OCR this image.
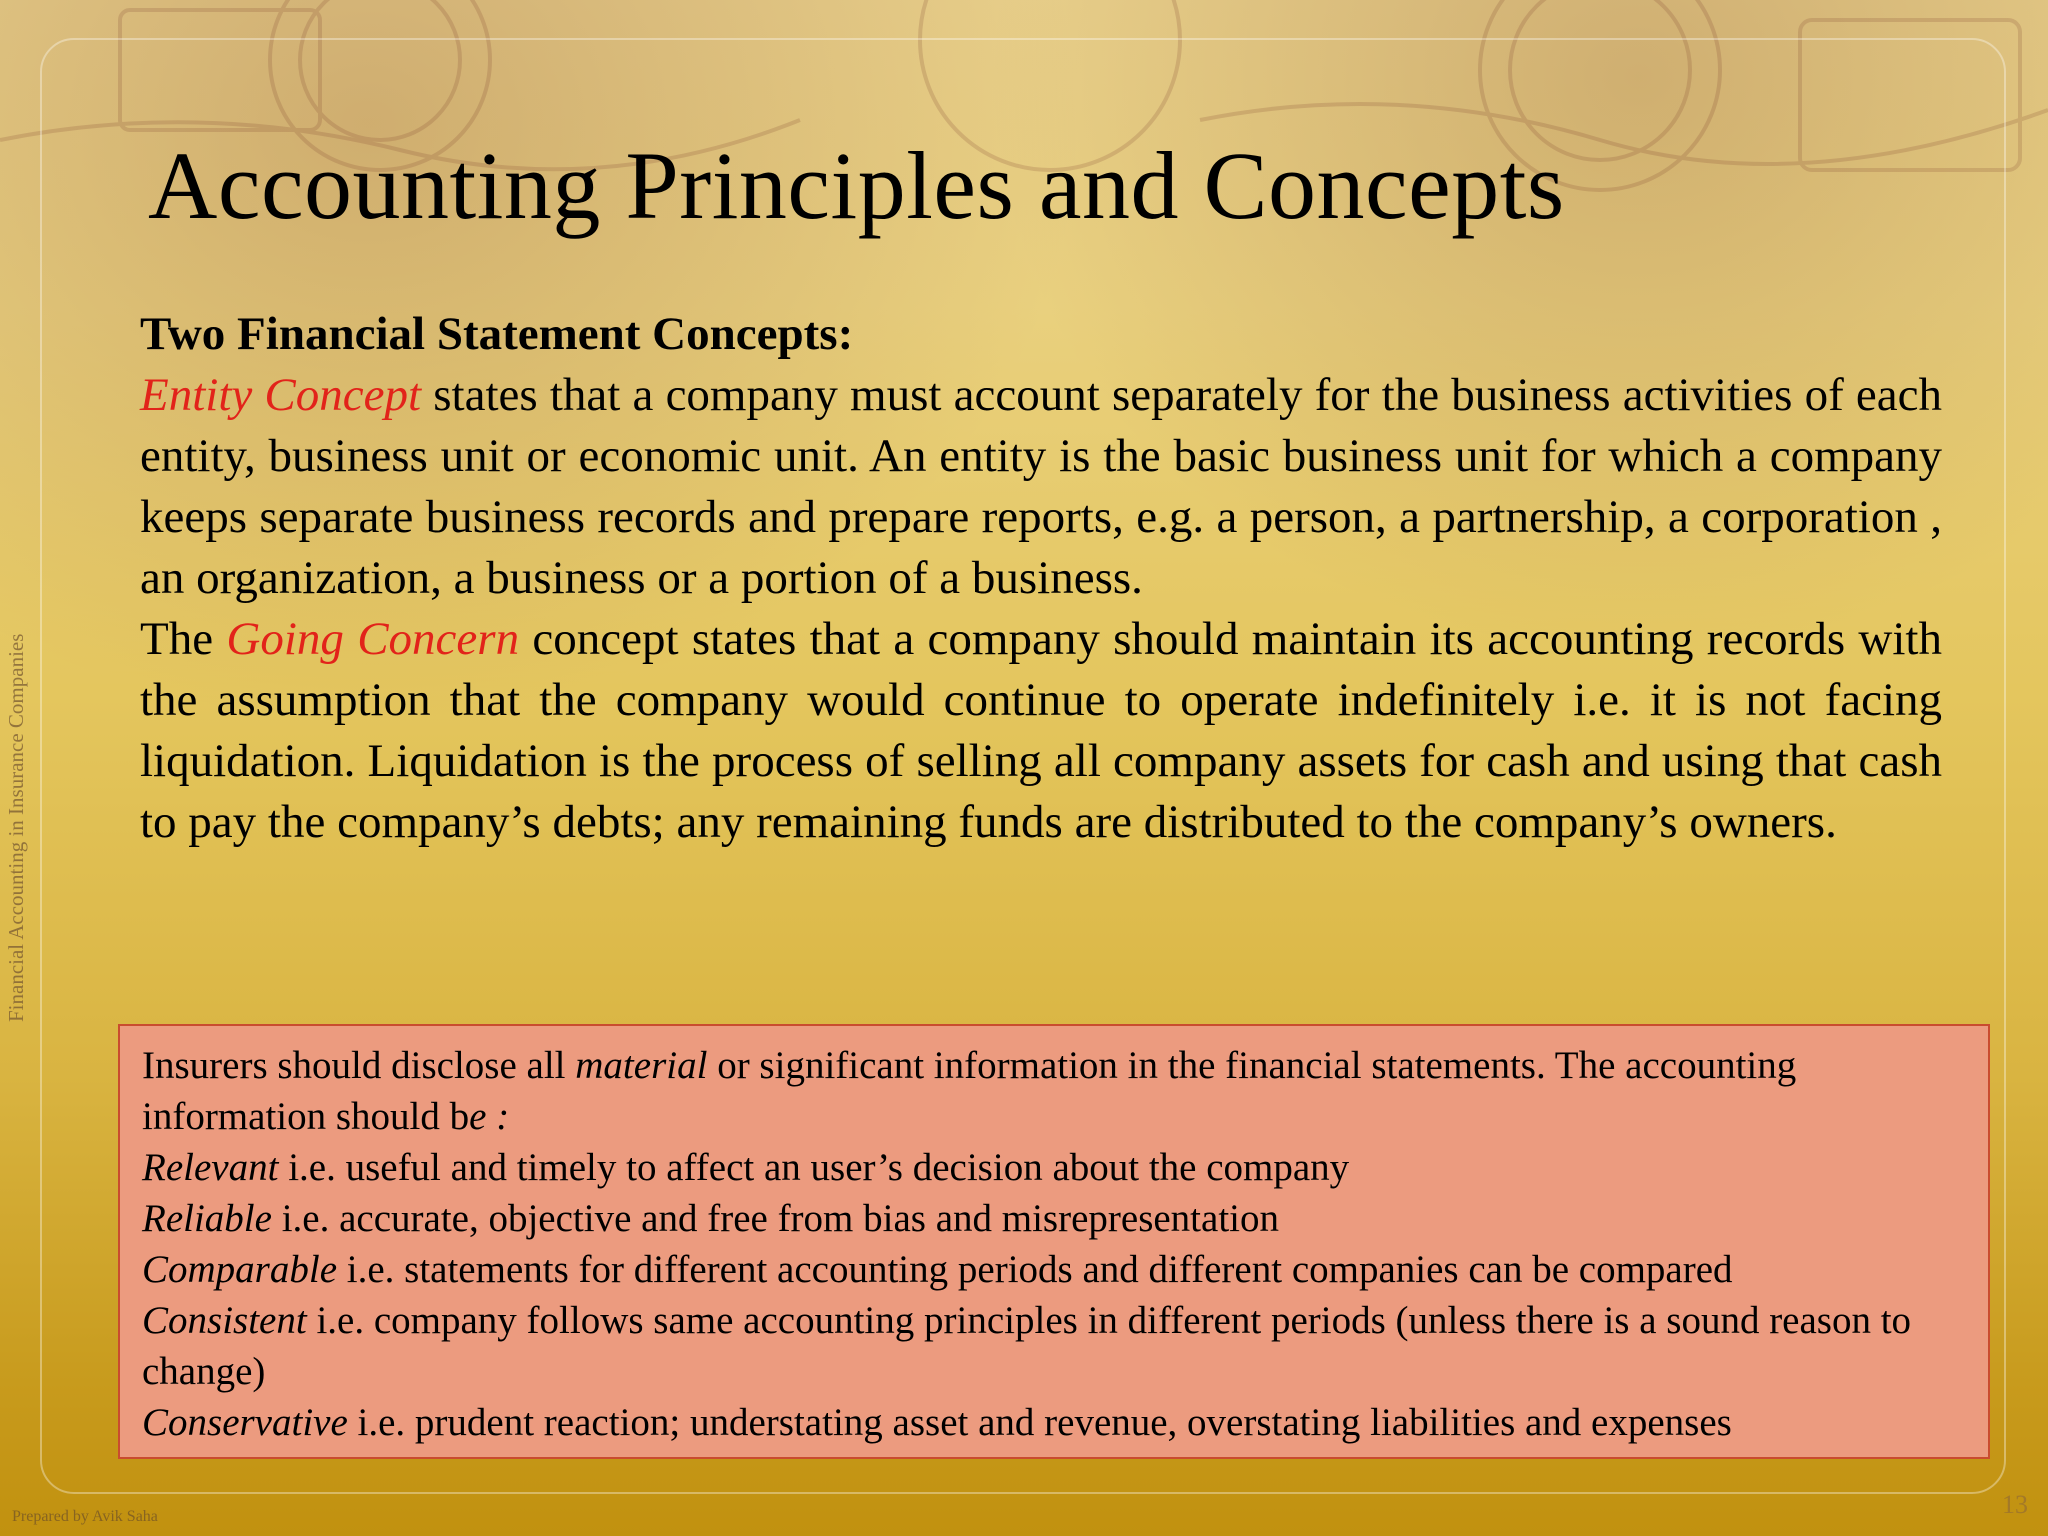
Accounting Principles and Concepts
Financial Accounting in Insurance Companies

Two Financial Statement Concepts:

Entity Concept states that a company must account separately for the business activities of each entity, business unit or economic unit. An entity is the basic business unit for which a company keeps separate business records and prepare reports, e.g. a person, a partnership, a corporation , an organization, a business or a portion of a business.

The Going Concern concept states that a company should maintain its accounting records with the assumption that the company would continue to operate indefinitely i.e. it is not facing liquidation. Liquidation is the process of selling all company assets for cash and using that cash to pay the company’s debts; any remaining funds are distributed to the company’s owners.

Insurers should disclose all material or significant information in the financial statements. The accounting information should be :

Relevant i.e. useful and timely to affect an user’s decision about the company

Reliable i.e. accurate, objective and free from bias and misrepresentation

Comparable i.e. statements for different accounting periods and different companies can be compared

Consistent i.e. company follows same accounting principles in different periods (unless there is a sound reason to change)

Conservative i.e. prudent reaction; understating asset and revenue, overstating liabilities and expenses

Prepared by Avik Saha	13
